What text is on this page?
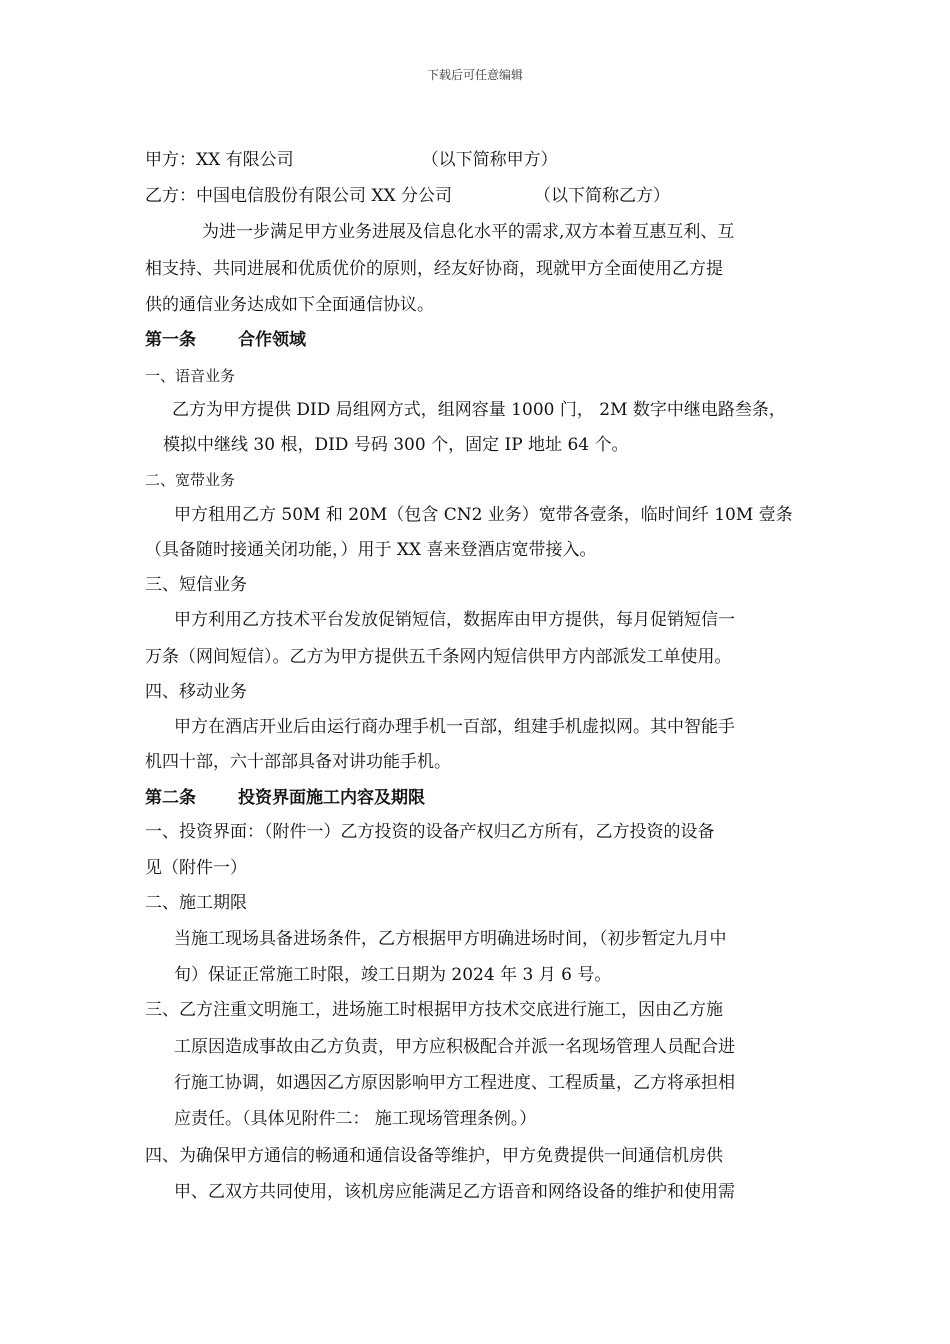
下载后可任意编辑
甲方：XX 有限公司	（以下简称甲方）
乙方：中国电信股份有限公司 XX 分公司	（以下简称乙方）
为进一步满足甲方业务进展及信息化水平的需求,双方本着互惠互利、互
相支持、共同进展和优质优价的原则，经友好协商，现就甲方全面使用乙方提
供的通信业务达成如下全面通信协议。
第一条 合作领域
一、语音业务
乙方为甲方提供 DID 局组网方式，组网容量 1000 门， 2M 数字中继电路叁条，
模拟中继线 30 根，DID 号码 300 个，固定 IP 地址 64 个。
二、宽带业务
甲方租用乙方 50M 和 20M（包含 CN2 业务）宽带各壹条，临时间纤 10M 壹条
（具备随时接通关闭功能，）用于 XX 喜来登酒店宽带接入。
三、短信业务
甲方利用乙方技术平台发放促销短信，数据库由甲方提供，每月促销短信一
万条（网间短信）。乙方为甲方提供五千条网内短信供甲方内部派发工单使用。
四、移动业务
甲方在酒店开业后由运行商办理手机一百部，组建手机虚拟网。其中智能手
机四十部，六十部部具备对讲功能手机。
第二条 投资界面施工内容及期限
一、投资界面：（附件一）乙方投资的设备产权归乙方所有，乙方投资的设备
见（附件一）
二、施工期限
当施工现场具备进场条件，乙方根据甲方明确进场时间，（初步暂定九月中
旬）保证正常施工时限，竣工日期为 2024 年 3 月 6 号。
三、乙方注重文明施工，进场施工时根据甲方技术交底进行施工，因由乙方施
工原因造成事故由乙方负责，甲方应积极配合并派一名现场管理人员配合进
行施工协调，如遇因乙方原因影响甲方工程进度、工程质量，乙方将承担相
应责任。（具体见附件二： 施工现场管理条例。）
四、为确保甲方通信的畅通和通信设备等维护，甲方免费提供一间通信机房供
甲、乙双方共同使用，该机房应能满足乙方语音和网络设备的维护和使用需
